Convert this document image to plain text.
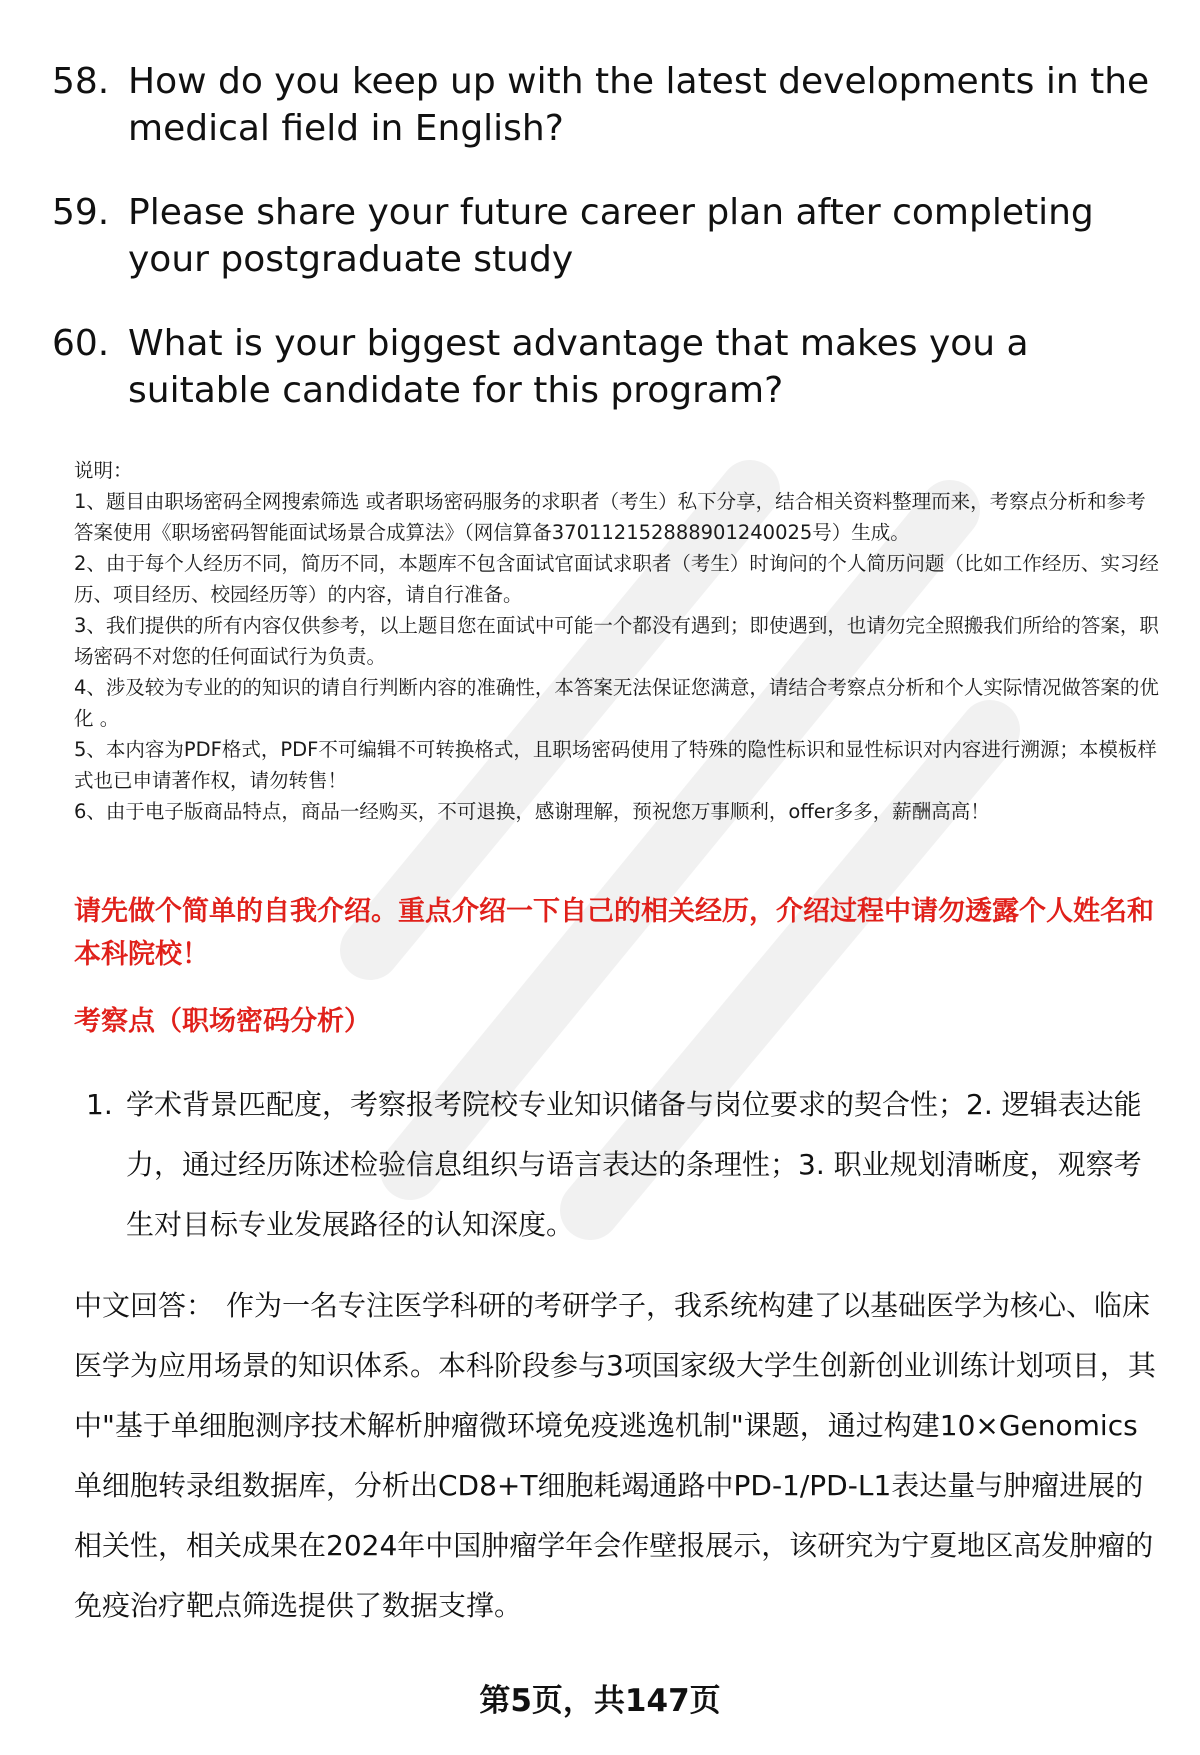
58. How do you keep up with the latest developments in the medical field in English?
59. Please share your future career plan after completing your postgraduate study
60. What is your biggest advantage that makes you a suitable candidate for this program?

说明：

1、题目由职场密码全网搜索筛选 或者职场密码服务的求职者（考生）私下分享，结合相关资料整理而来，考察点分析和参考答案使用《职场密码智能面试场景合成算法》（网信算备370112152888901240025号）生成。

2、由于每个人经历不同，简历不同，本题库不包含面试官面试求职者（考生）时询问的个人简历问题（比如工作经历、实习经历、项目经历、校园经历等）的内容，请自行准备。

3、我们提供的所有内容仅供参考，以上题目您在面试中可能一个都没有遇到；即使遇到，也请勿完全照搬我们所给的答案，职场密码不对您的任何面试行为负责。

4、涉及较为专业的的知识的请自行判断内容的准确性，本答案无法保证您满意，请结合考察点分析和个人实际情况做答案的优化 。

5、本内容为PDF格式，PDF不可编辑不可转换格式，且职场密码使用了特殊的隐性标识和显性标识对内容进行溯源；本模板样式也已申请著作权，请勿转售！

6、由于电子版商品特点，商品一经购买，不可退换，感谢理解，预祝您万事顺利，offer多多，薪酬高高！

请先做个简单的自我介绍。重点介绍一下自己的相关经历，介绍过程中请勿透露个人姓名和本科院校！
考察点（职场密码分析）
1. 学术背景匹配度，考察报考院校专业知识储备与岗位要求的契合性；2. 逻辑表达能力，通过经历陈述检验信息组织与语言表达的条理性；3. 职业规划清晰度，观察考生对目标专业发展路径的认知深度。
中文回答： 作为一名专注医学科研的考研学子，我系统构建了以基础医学为核心、临床医学为应用场景的知识体系。本科阶段参与3项国家级大学生创新创业训练计划项目，其中"基于单细胞测序技术解析肿瘤微环境免疫逃逸机制"课题，通过构建10×Genomics单细胞转录组数据库，分析出CD8+T细胞耗竭通路中PD-1/PD-L1表达量与肿瘤进展的相关性，相关成果在2024年中国肿瘤学年会作壁报展示，该研究为宁夏地区高发肿瘤的免疫治疗靶点筛选提供了数据支撑。
第5页，共147页
